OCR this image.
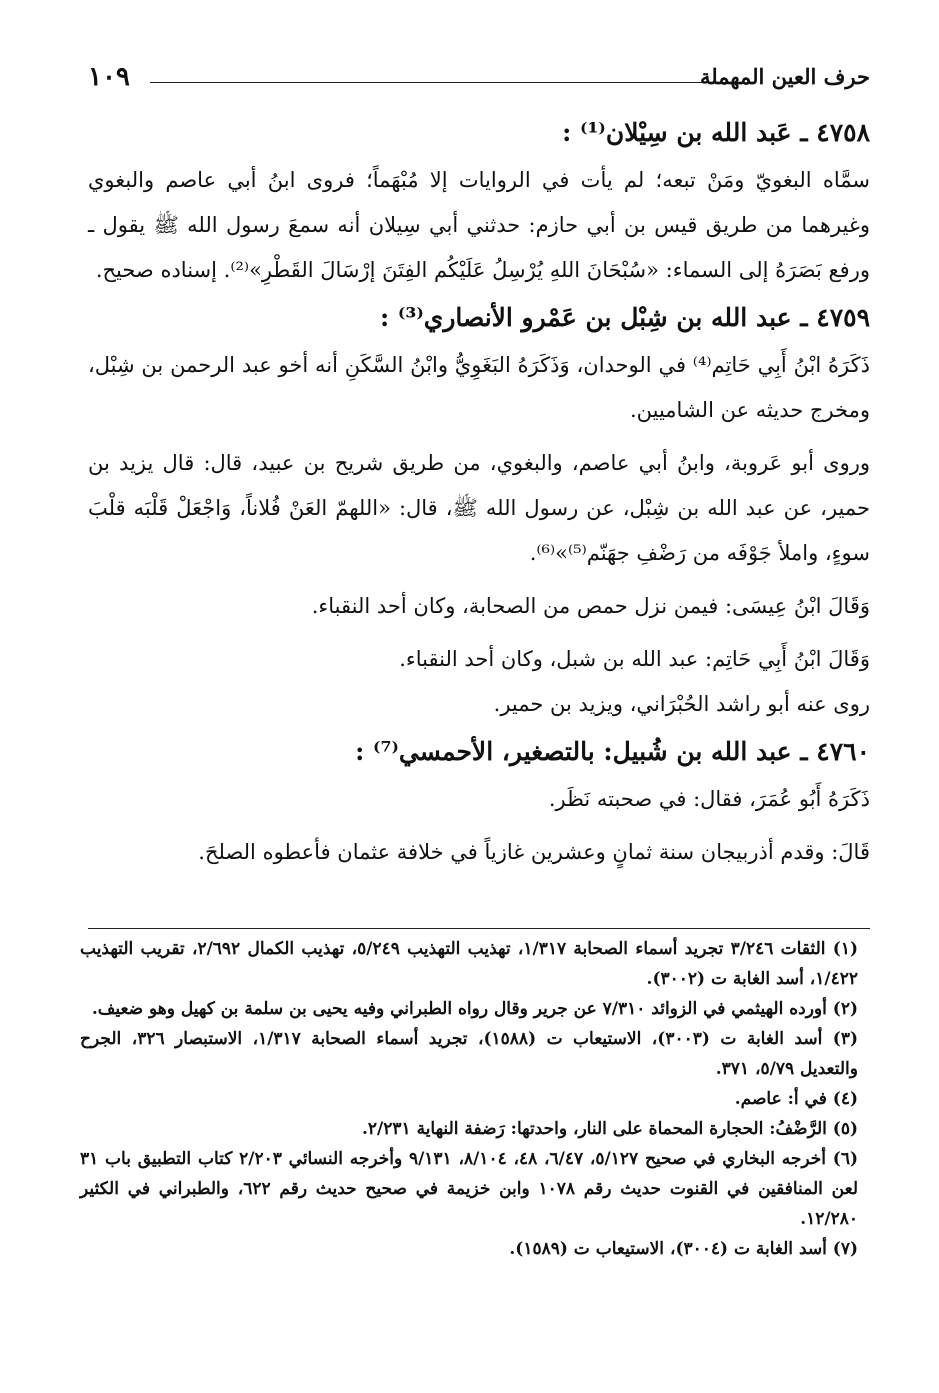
١٠٩	حرف العين المهملة

٤٧٥٨ ـ عَبد الله بن سِيْلان⁽¹⁾ :

سمَّاه البغويّ ومَنْ تبعه؛ لم يأت في الروايات إلا مُبْهَماً؛ فروى ابنُ أبي عاصم والبغوي وغيرهما من طريق قيس بن أبي حازم: حدثني أبي سِيلان أنه سمعَ رسول الله ﷺ يقول ـ ورفع بَصَرَهُ إلى السماء: «سُبْحَانَ اللهِ يُرْسِلُ عَلَيْكُم الفِتَنَ إرْسَالَ القَطْرِ»⁽²⁾. إسناده صحيح.

٤٧٥٩ ـ عبد الله بن شِبْل بن عَمْرو الأنصاري⁽³⁾ :

ذَكَرَهُ ابْنُ أَبِي حَاتِم⁽⁴⁾ في الوحدان، وَذَكَرَهُ البَغَوِيُّ وابْنُ السَّكَنِ أنه أخو عبد الرحمن بن شِبْل، ومخرج حديثه عن الشاميين.

وروى أبو عَروبة، وابنُ أبي عاصم، والبغوي، من طريق شريح بن عبيد، قال: قال يزيد بن حمير، عن عبد الله بن شِبْل، عن رسول الله ﷺ، قال: «اللهمّ العَنْ فُلاناً، وَاجْعَلْ قَلْبَه قلْبَ سوءٍ، واملأ جَوْفَه من رَضْفِ جهَنّم⁽⁵⁾»⁽⁶⁾.

وَقَالَ ابْنُ عِيسَى: فيمن نزل حمص من الصحابة، وكان أحد النقباء.

وَقَالَ ابْنُ أَبِي حَاتِم: عبد الله بن شبل، وكان أحد النقباء.

روى عنه أبو راشد الحُبْرَاني، ويزيد بن حمير.

٤٧٦٠ ـ عبد الله بن شُبيل: بالتصغير، الأحمسي⁽⁷⁾ :

ذَكَرَهُ أَبُو عُمَرَ، فقال: في صحبته نَظَر.

قَالَ: وقدم أذربيجان سنة ثمانٍ وعشرين غازياً في خلافة عثمان فأعطوه الصلحَ.

(١) الثقات ٣/٢٤٦ تجريد أسماء الصحابة ١/٣١٧، تهذيب التهذيب ٥/٢٤٩، تهذيب الكمال ٢/٦٩٢، تقريب التهذيب ١/٤٢٢، أسد الغابة ت (٣٠٠٢).

(٢) أورده الهيثمي في الزوائد ٧/٣١٠ عن جرير وقال رواه الطبراني وفيه يحيى بن سلمة بن كهيل وهو ضعيف.

(٣) أسد الغابة ت (٣٠٠٣)، الاستيعاب ت (١٥٨٨)، تجريد أسماء الصحابة ١/٣١٧، الاستبصار ٣٢٦، الجرح والتعديل ٥/٧٩، ٣٧١.

(٤) في أ: عاصم.

(٥) الرَّضْفُ: الحجارة المحماة على النار، واحدتها: رَضفة النهاية ٢/٢٣١.

(٦) أخرجه البخاري في صحيح ٥/١٢٧، ٦/٤٧، ٤٨، ٨/١٠٤، ٩/١٣١ وأخرجه النسائي ٢/٢٠٣ كتاب التطبيق باب ٣١ لعن المنافقين في القنوت حديث رقم ١٠٧٨ وابن خزيمة في صحيح حديث رقم ٦٢٢، والطبراني في الكثير ١٢/٢٨٠.

(٧) أسد الغابة ت (٣٠٠٤)، الاستيعاب ت (١٥٨٩).
